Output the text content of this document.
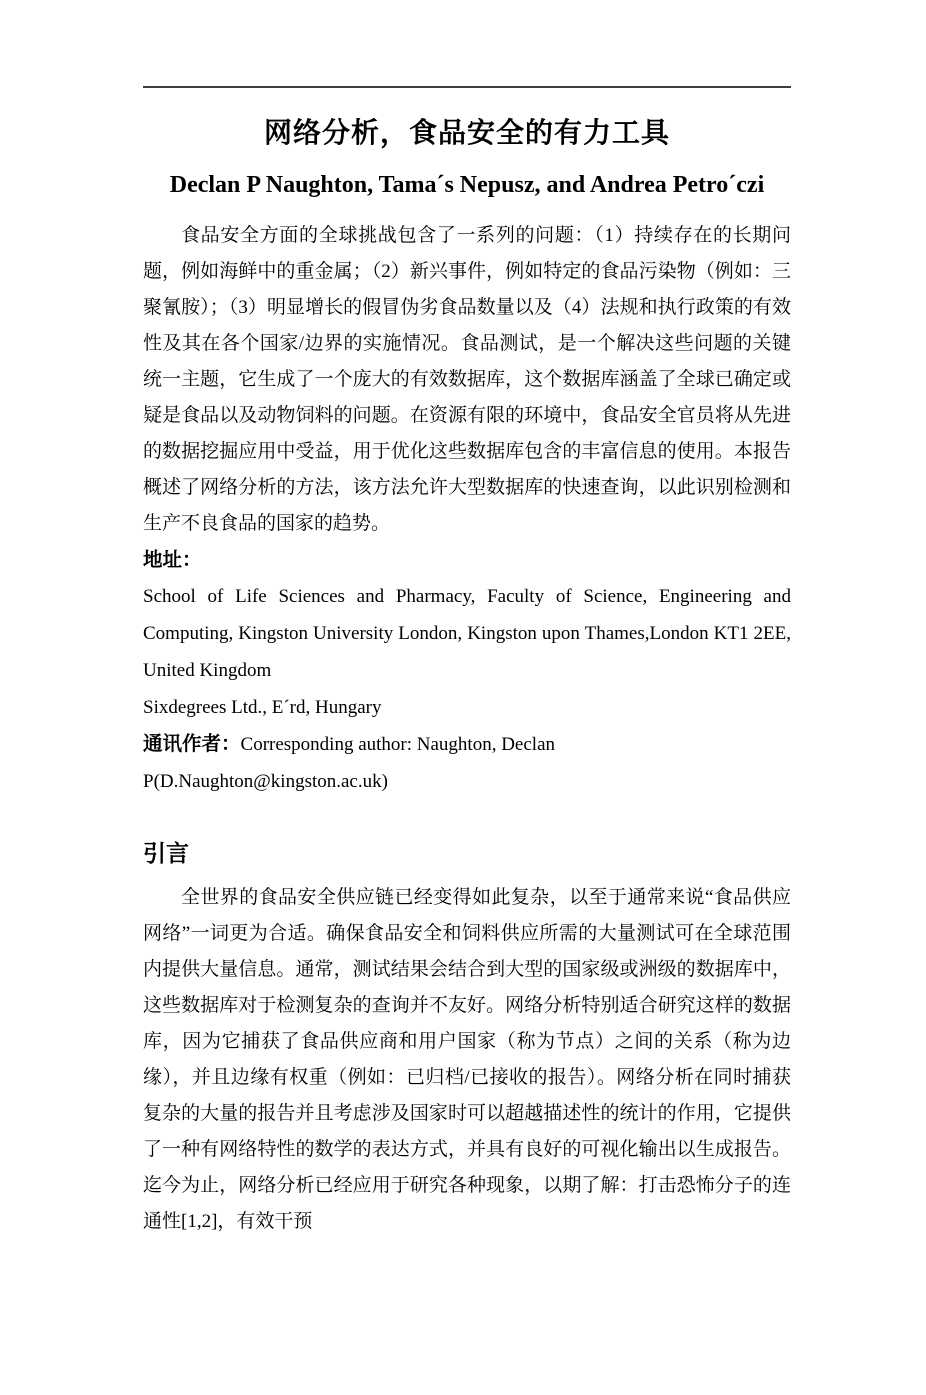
网络分析，食品安全的有力工具
Declan P Naughton, Tama´s Nepusz, and Andrea Petro´czi

食品安全方面的全球挑战包含了一系列的问题：（1）持续存在的长期问题，例如海鲜中的重金属；（2）新兴事件，例如特定的食品污染物（例如：三聚氰胺）；（3）明显增长的假冒伪劣食品数量以及（4）法规和执行政策的有效性及其在各个国家/边界的实施情况。食品测试，是一个解决这些问题的关键统一主题，它生成了一个庞大的有效数据库，这个数据库涵盖了全球已确定或疑是食品以及动物饲料的问题。在资源有限的环境中，食品安全官员将从先进的数据挖掘应用中受益，用于优化这些数据库包含的丰富信息的使用。本报告概述了网络分析的方法，该方法允许大型数据库的快速查询，以此识别检测和生产不良食品的国家的趋势。

地址：

School of Life Sciences and Pharmacy, Faculty of Science, Engineering and Computing, Kingston University London, Kingston upon Thames,London KT1 2EE, United Kingdom

Sixdegrees Ltd., E´rd, Hungary

通讯作者：Corresponding author: Naughton, Declan P(D.Naughton@kingston.ac.uk)

引言

全世界的食品安全供应链已经变得如此复杂，以至于通常来说“食品供应网络”一词更为合适。确保食品安全和饲料供应所需的大量测试可在全球范围内提供大量信息。通常，测试结果会结合到大型的国家级或洲级的数据库中，这些数据库对于检测复杂的查询并不友好。网络分析特别适合研究这样的数据库，因为它捕获了食品供应商和用户国家（称为节点）之间的关系（称为边缘），并且边缘有权重（例如：已归档/已接收的报告）。网络分析在同时捕获复杂的大量的报告并且考虑涉及国家时可以超越描述性的统计的作用，它提供了一种有网络特性的数学的表达方式，并具有良好的可视化输出以生成报告。迄今为止，网络分析已经应用于研究各种现象，以期了解：打击恐怖分子的连通性[1,2]，有效干预
